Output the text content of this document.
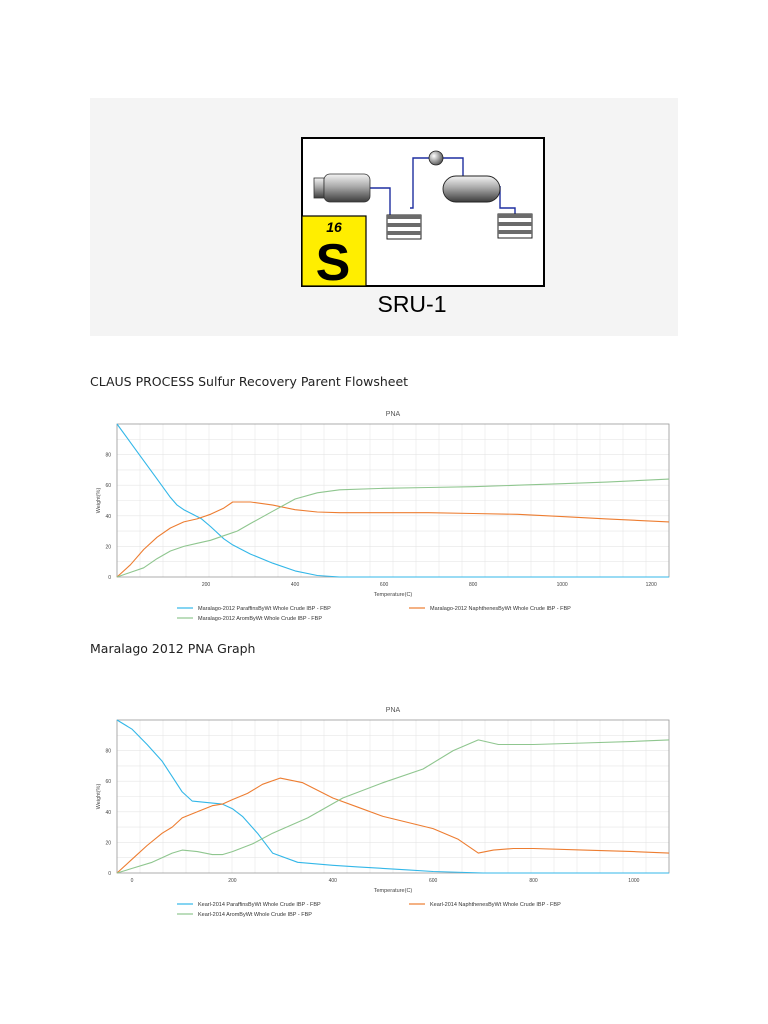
16
S
SRU-1
CLAUS PROCESS Sulfur Recovery Parent Flowsheet
PNA
0
20
40
60
80
200	400	600	800	1000	1200
Temperature(C)
Weight(%)
Maralago-2012 ParaffinsByWt Whole Crude IBP - FBP	Maralago-2012 NaphthenesByWt Whole Crude IBP - FBP
Maralago-2012 AromByWt Whole Crude IBP - FBP
Maralago 2012 PNA Graph
PNA
0
20
40
60
80
0	200	400	600	800	1000
Temperature(C)
Weight(%)
Kearl-2014 ParaffinsByWt Whole Crude IBP - FBP	Kearl-2014 NaphthenesByWt Whole Crude IBP - FBP
Kearl-2014 AromByWt Whole Crude IBP - FBP
